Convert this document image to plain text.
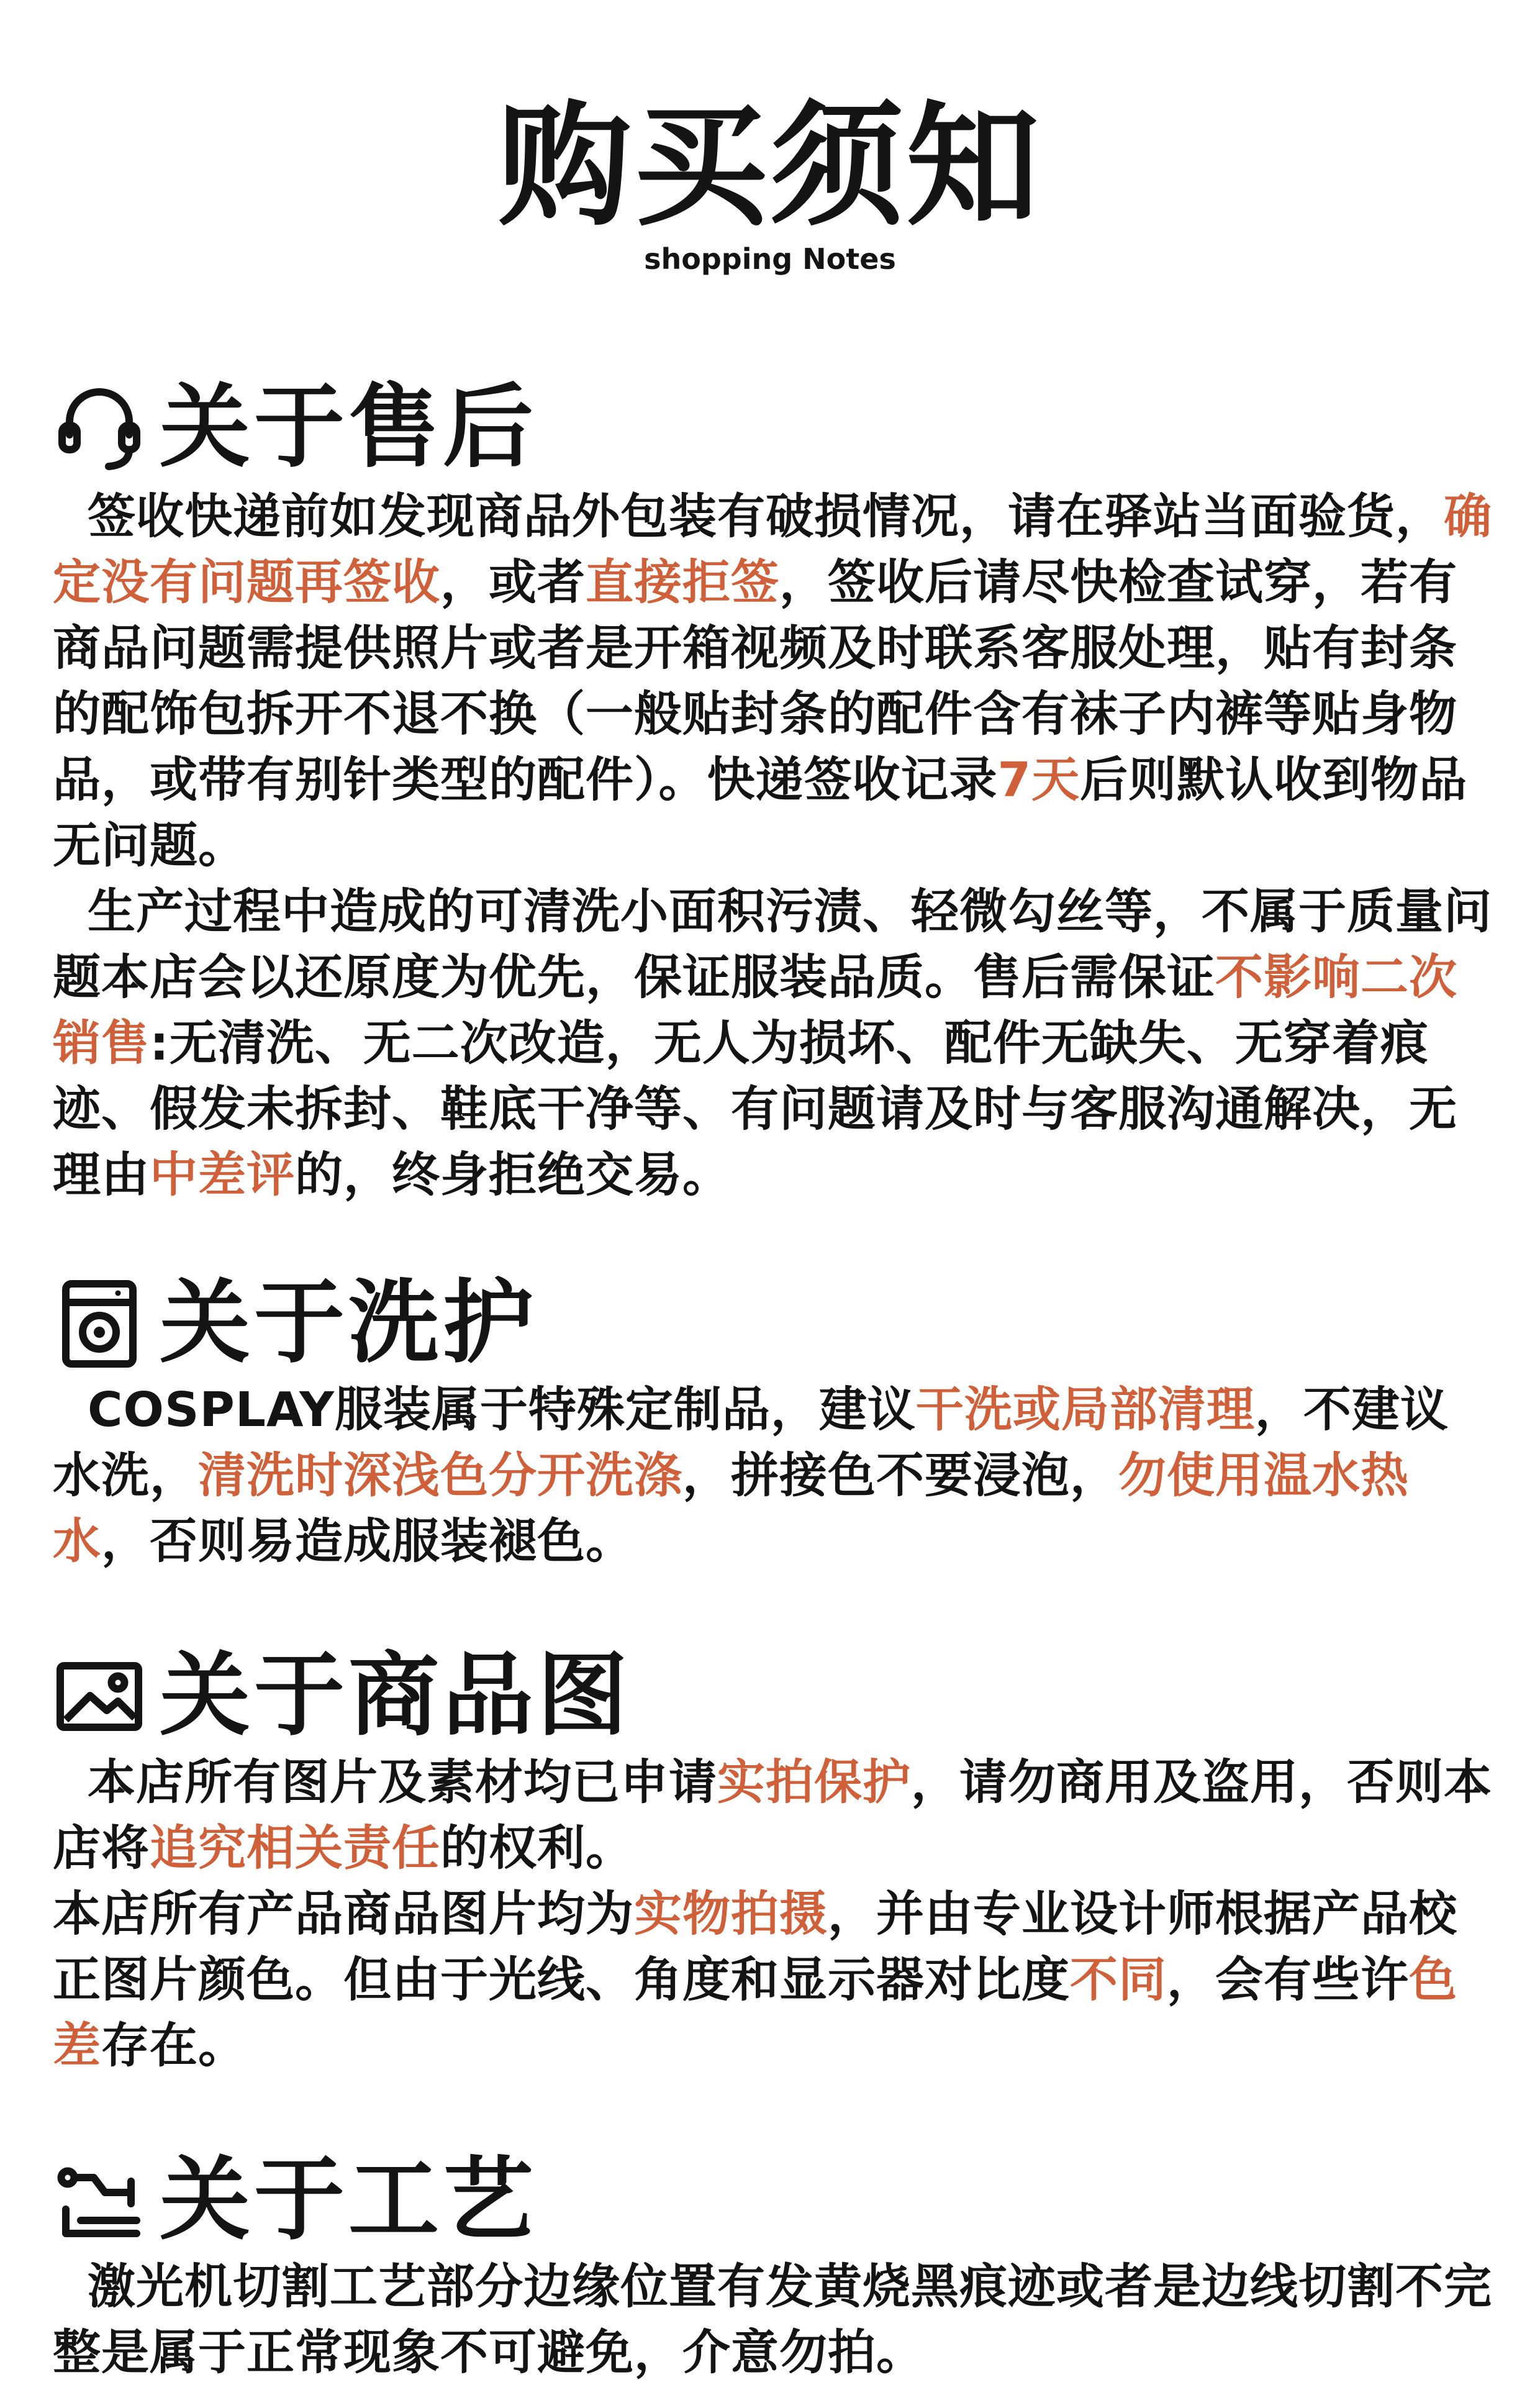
购买须知
shopping Notes
关于售后

签收快递前如发现商品外包装有破损情况，请在驿站当面验货，确定没有问题再签收，或者直接拒签，签收后请尽快检查试穿，若有商品问题需提供照片或者是开箱视频及时联系客服处理，贴有封条的配饰包拆开不退不换（一般贴封条的配件含有袜子内裤等贴身物品，或带有别针类型的配件）。快递签收记录7天后则默认收到物品无问题。

生产过程中造成的可清洗小面积污渍、轻微勾丝等，不属于质量问题本店会以还原度为优先，保证服装品质。售后需保证不影响二次销售:无清洗、无二次改造，无人为损坏、配件无缺失、无穿着痕迹、假发未拆封、鞋底干净等、有问题请及时与客服沟通解决，无理由中差评的，终身拒绝交易。

关于洗护

COSPLAY服装属于特殊定制品，建议干洗或局部清理，不建议水洗，清洗时深浅色分开洗涤，拼接色不要浸泡，勿使用温水热水，否则易造成服装褪色。

关于商品图

本店所有图片及素材均已申请实拍保护，请勿商用及盗用，否则本店将追究相关责任的权利。

本店所有产品商品图片均为实物拍摄，并由专业设计师根据产品校正图片颜色。但由于光线、角度和显示器对比度不同，会有些许色差存在。

关于工艺

激光机切割工艺部分边缘位置有发黄烧黑痕迹或者是边线切割不完整是属于正常现象不可避免，介意勿拍。
